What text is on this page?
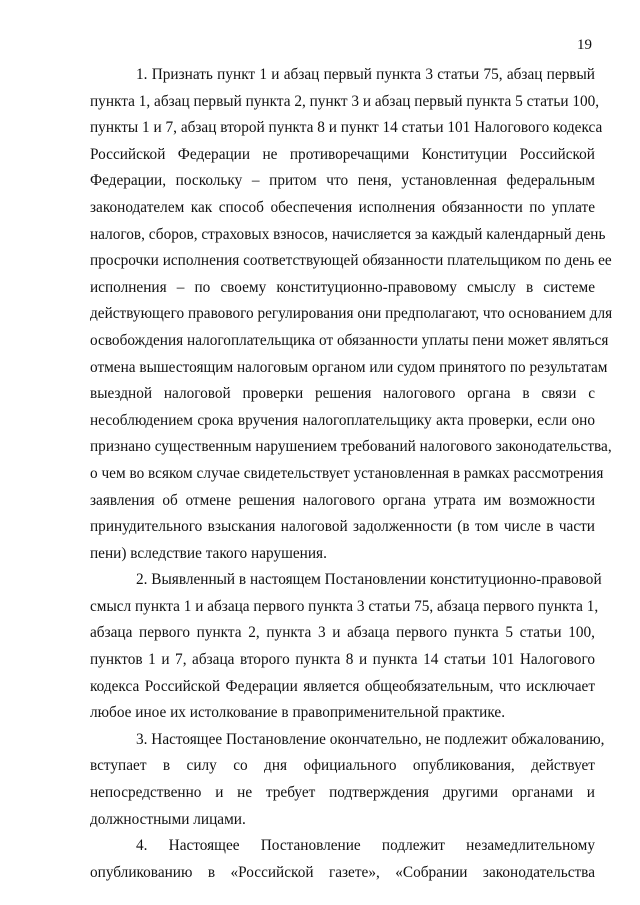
19
1. Признать пункт 1 и абзац первый пункта 3 статьи 75, абзац первый
пункта 1, абзац первый пункта 2, пункт 3 и абзац первый пункта 5 статьи 100,
пункты 1 и 7, абзац второй пункта 8 и пункт 14 статьи 101 Налогового кодекса
Российской Федерации не противоречащими Конституции Российской
Федерации, поскольку – притом что пеня, установленная федеральным
законодателем как способ обеспечения исполнения обязанности по уплате
налогов, сборов, страховых взносов, начисляется за каждый календарный день
просрочки исполнения соответствующей обязанности плательщиком по день ее
исполнения – по своему конституционно-правовому смыслу в системе
действующего правового регулирования они предполагают, что основанием для
освобождения налогоплательщика от обязанности уплаты пени может являться
отмена вышестоящим налоговым органом или судом принятого по результатам
выездной налоговой проверки решения налогового органа в связи с
несоблюдением срока вручения налогоплательщику акта проверки, если оно
признано существенным нарушением требований налогового законодательства,
о чем во всяком случае свидетельствует установленная в рамках рассмотрения
заявления об отмене решения налогового органа утрата им возможности
принудительного взыскания налоговой задолженности (в том числе в части
пени) вследствие такого нарушения.
2. Выявленный в настоящем Постановлении конституционно-правовой
смысл пункта 1 и абзаца первого пункта 3 статьи 75, абзаца первого пункта 1,
абзаца первого пункта 2, пункта 3 и абзаца первого пункта 5 статьи 100,
пунктов 1 и 7, абзаца второго пункта 8 и пункта 14 статьи 101 Налогового
кодекса Российской Федерации является общеобязательным, что исключает
любое иное их истолкование в правоприменительной практике.
3. Настоящее Постановление окончательно, не подлежит обжалованию,
вступает в силу со дня официального опубликования, действует
непосредственно и не требует подтверждения другими органами и
должностными лицами.
4. Настоящее Постановление подлежит незамедлительному
опубликованию в «Российской газете», «Собрании законодательства
